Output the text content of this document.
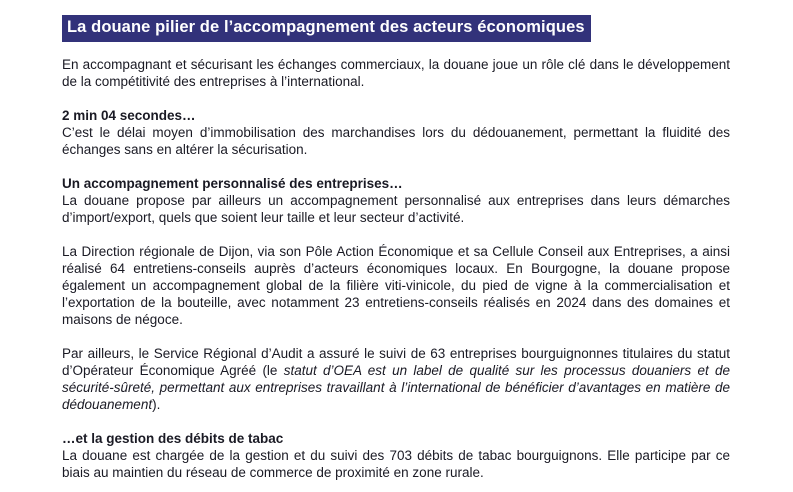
La douane pilier de l’accompagnement des acteurs économiques

En accompagnant et sécurisant les échanges commerciaux, la douane joue un rôle clé dans le développement de la compétitivité des entreprises à l’international.

2 min 04 secondes…
C’est le délai moyen d’immobilisation des marchandises lors du dédouanement, permettant la fluidité des échanges sans en altérer la sécurisation.

Un accompagnement personnalisé des entreprises…
La douane propose par ailleurs un accompagnement personnalisé aux entreprises dans leurs démarches d’import/export, quels que soient leur taille et leur secteur d’activité.

La Direction régionale de Dijon, via son Pôle Action Économique et sa Cellule Conseil aux Entreprises, a ainsi réalisé 64 entretiens-conseils auprès d’acteurs économiques locaux. En Bourgogne, la douane propose également un accompagnement global de la filière viti-vinicole, du pied de vigne à la commercialisation et l’exportation de la bouteille, avec notamment 23 entretiens-conseils réalisés en 2024 dans des domaines et maisons de négoce.

Par ailleurs, le Service Régional d’Audit a assuré le suivi de 63 entreprises bourguignonnes titulaires du statut d’Opérateur Économique Agréé (le statut d’OEA est un label de qualité sur les processus douaniers et de sécurité-sûreté, permettant aux entreprises travaillant à l’international de bénéficier d’avantages en matière de dédouanement).

…et la gestion des débits de tabac
La douane est chargée de la gestion et du suivi des 703 débits de tabac bourguignons. Elle participe par ce biais au maintien du réseau de commerce de proximité en zone rurale.
